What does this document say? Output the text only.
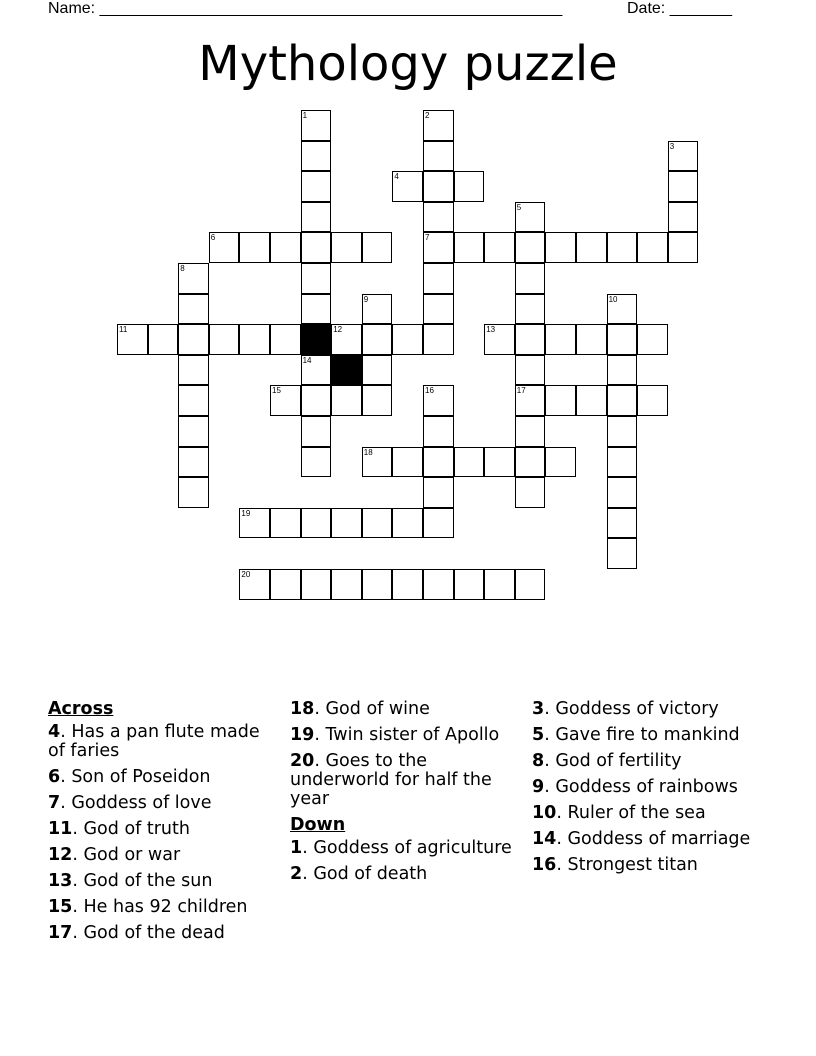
Name: ____________________________________________________	Date: _______
Mythology puzzle
4
6	7
11	12	13
15	17
18
19
20
1
14
2
3
5
8
9	10
16
Across
4. Has a pan flute made of faries
6. Son of Poseidon
7. Goddess of love
11. God of truth
12. God or war
13. God of the sun
15. He has 92 children
17. God of the dead
18. God of wine
19. Twin sister of Apollo
20. Goes to the underworld for half the year
Down
1. Goddess of agriculture
2. God of death
3. Goddess of victory
5. Gave fire to mankind
8. God of fertility
9. Goddess of rainbows
10. Ruler of the sea
14. Goddess of marriage
16. Strongest titan
